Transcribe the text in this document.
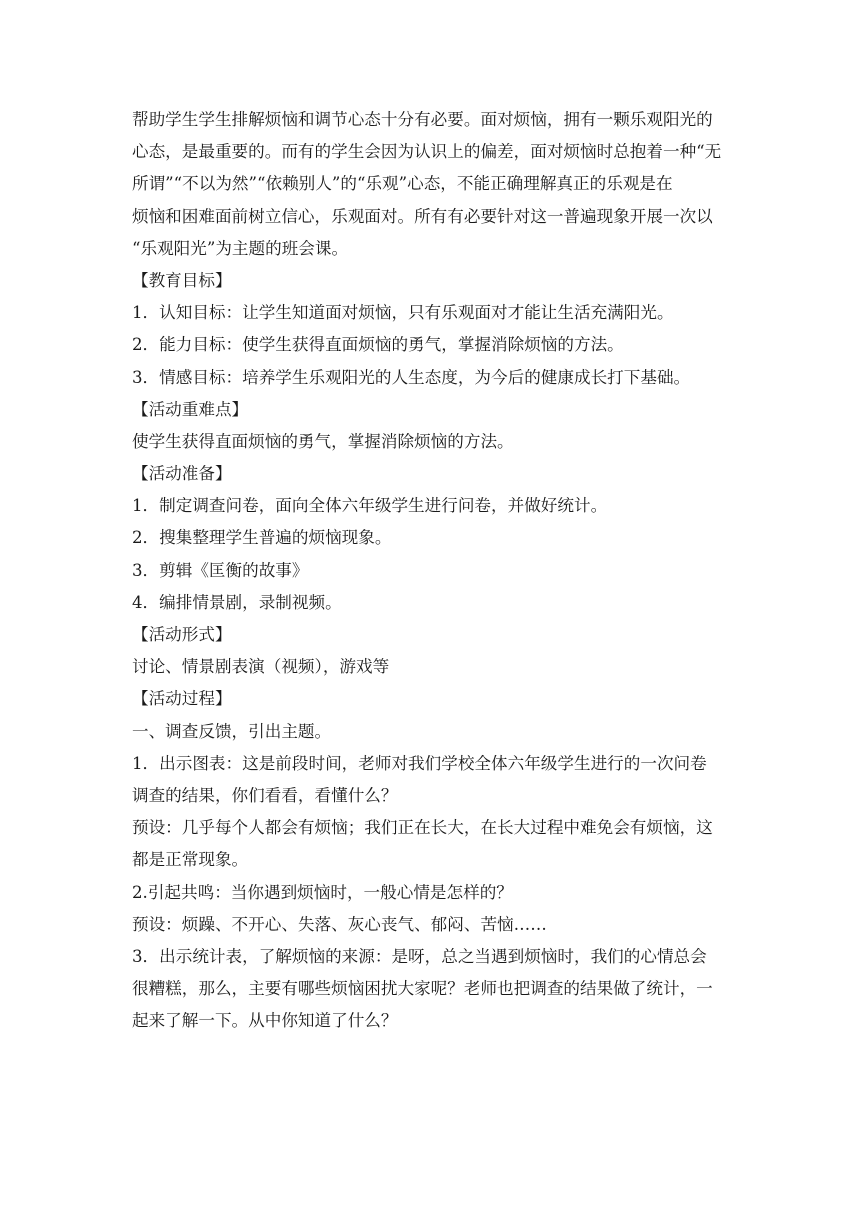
帮助学生学生排解烦恼和调节心态十分有必要。面对烦恼，拥有一颗乐观阳光的
心态，是最重要的。而有的学生会因为认识上的偏差，面对烦恼时总抱着一种“无
所谓”“不以为然”“依赖别人”的“乐观”心态，不能正确理解真正的乐观是在
烦恼和困难面前树立信心，乐观面对。所有有必要针对这一普遍现象开展一次以
“乐观阳光”为主题的班会课。
【教育目标】
1．认知目标：让学生知道面对烦恼，只有乐观面对才能让生活充满阳光。
2．能力目标：使学生获得直面烦恼的勇气，掌握消除烦恼的方法。
3．情感目标：培养学生乐观阳光的人生态度，为今后的健康成长打下基础。
【活动重难点】
使学生获得直面烦恼的勇气，掌握消除烦恼的方法。
【活动准备】
1．制定调查问卷，面向全体六年级学生进行问卷，并做好统计。
2．搜集整理学生普遍的烦恼现象。
3．剪辑《匡衡的故事》
4．编排情景剧，录制视频。
【活动形式】
讨论、情景剧表演（视频），游戏等
【活动过程】
一、调查反馈，引出主题。
1．出示图表：这是前段时间，老师对我们学校全体六年级学生进行的一次问卷
调查的结果，你们看看，看懂什么？
预设：几乎每个人都会有烦恼；我们正在长大，在长大过程中难免会有烦恼，这
都是正常现象。
2.引起共鸣：当你遇到烦恼时，一般心情是怎样的？
预设：烦躁、不开心、失落、灰心丧气、郁闷、苦恼……
3．出示统计表，了解烦恼的来源：是呀，总之当遇到烦恼时，我们的心情总会
很糟糕，那么，主要有哪些烦恼困扰大家呢？老师也把调查的结果做了统计，一
起来了解一下。从中你知道了什么？
